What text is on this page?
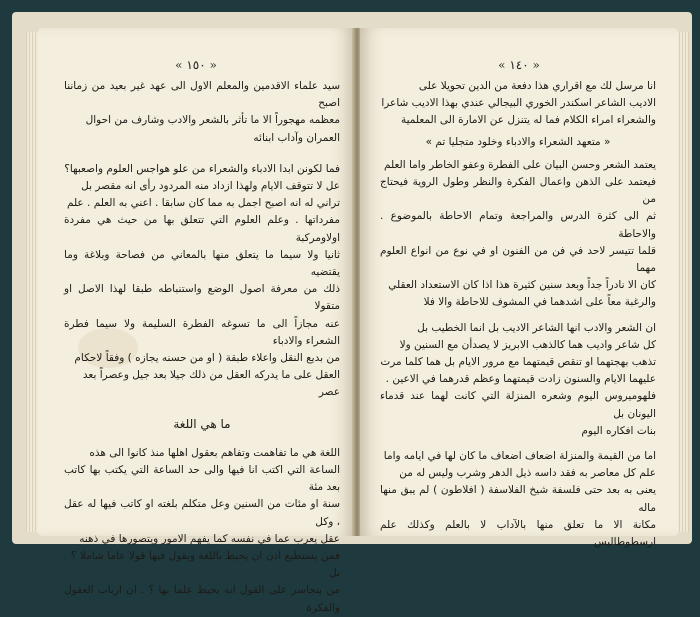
« ١٥٠ »

سيد علماء الاقدمين والمعلم الاول الى عهد غير بعيد من زماننا اصبح

معظمه مهجوراً الا ما تأثر بالشعر والادب وشارف من احوال

العمران وآداب ابنائه

فما لكونن ابدا الادباء والشعراء من علو هواجس العلوم واصعبها؟

عل لا تتوقف الايام ولهذا ازداد منه المردود رأى انه مقصر بل

تراني له انه اصبح اجمل به مما كان سابقا . اعني به العلم . علم

مفرداتها . وعلم العلوم التي تتعلق بها من حيث هي مفردة اولاومركبة

ثانيا ولا سيما ما يتعلق منها بالمعاني من فصاحة وبلاغة وما يقتضيه

ذلك من معرفة اصول الوضع واستنباطه طبقا لهذا الاصل او متقولا

عنه مجازاً الى ما تسوغه الفطرة السليمة ولا سيما فطرة الشعراء والادباء

من بديع النقل واعلاء طبقة ( او من حسنه يجازه ) وفقاً لاحكام

العقل على ما يدركه العقل من ذلك جيلا بعد جيل وعصراً بعد

عصر

ما هي اللغة

اللغة هي ما تفاهمت وتفاهم بعقول اهلها منذ كانوا الى هذه

الساعة التي اكتب انا فيها والى حد الساعة التي يكتب بها كاتب بعد مئة

سنة او مئات من السنين وعل متكلم بلغته او كاتب فيها له عقل ، وكل

عقل يعرب عما في نفسه كما يفهم الامور ويتصورها في ذهنه

فمن يستطيع اذن ان يحيط باللغة ويقول فيها قولا عاما شاملا ؟ . بل

من يتجاسر على القول انه يحيط علما بها ؟ . ان ارباب العقول والفكرة

« ١٤٠ »

انا مرسل لك مع اقراري هذا دفعة من الدين تحويلا على

الاديب الشاعر اسكندر الخوري البيجالي عندي بهذا الاديب شاعرا

والشعراء امراء الكلام فما له يتنزل عن الامارة الى المعلمية

« متعهد الشعراء والادباء وخلود متجليا تم »

يعتمد الشعر وحسن البيان على الفطرة وعفو الخاطر واما العلم

فيعتمد على الذهن واعمال الفكرة والنظر وطول الروية فيحتاج من

ثم الى كثرة الدرس والمراجعة وتمام الاحاطة بالموضوع . والاحاطة

قلما تتيسر لاحد في فن من الفنون او في نوع من انواع العلوم مهما

كان الا نادراً جداً وبعد سنين كثيرة هذا اذا كان الاستعداد العقلي

والرغبة معاً على اشدهما في المشوف للاحاطة والا فلا

ان الشعر والادب انها الشاعر الاديب بل انما الخطيب بل

كل شاعر واديب هما كالذهب الابريز لا يصدأن مع السنين ولا

تذهب بهجتهما او تنقص قيمتهما مع مرور الايام بل هما كلما مرت

عليهما الايام والسنون زادت قيمتهما وعظم قدرهما في الاعين .

فلهوميروس اليوم وشعره المنزلة التي كانت لهما عند قدماء اليونان بل

بنات افكاره اليوم

اما من القيمة والمنزلة اضعاف اضعاف ما كان لها في ايامه واما

علم كل معاصر به فقد داسه ذيل الدهر وشرب وليس له من

يعنى به بعد حتى فلسفة شيخ الفلاسفة ( افلاطون ) لم يبق منها ماله

مكانة الا ما تعلق منها بالآداب لا بالعلم وكذلك علم ارسطوطاليس
